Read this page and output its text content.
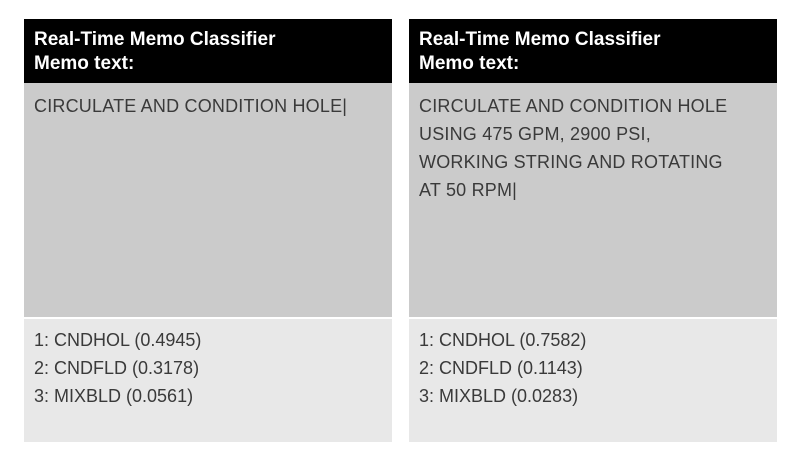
Real-Time Memo Classifier
Memo text:
CIRCULATE AND CONDITION HOLE|
1: CNDHOL (0.4945)
2: CNDFLD (0.3178)
3: MIXBLD (0.0561)
Real-Time Memo Classifier
Memo text:
CIRCULATE AND CONDITION HOLE
USING 475 GPM, 2900 PSI,
WORKING STRING AND ROTATING
AT 50 RPM|
1: CNDHOL (0.7582)
2: CNDFLD (0.1143)
3: MIXBLD (0.0283)
